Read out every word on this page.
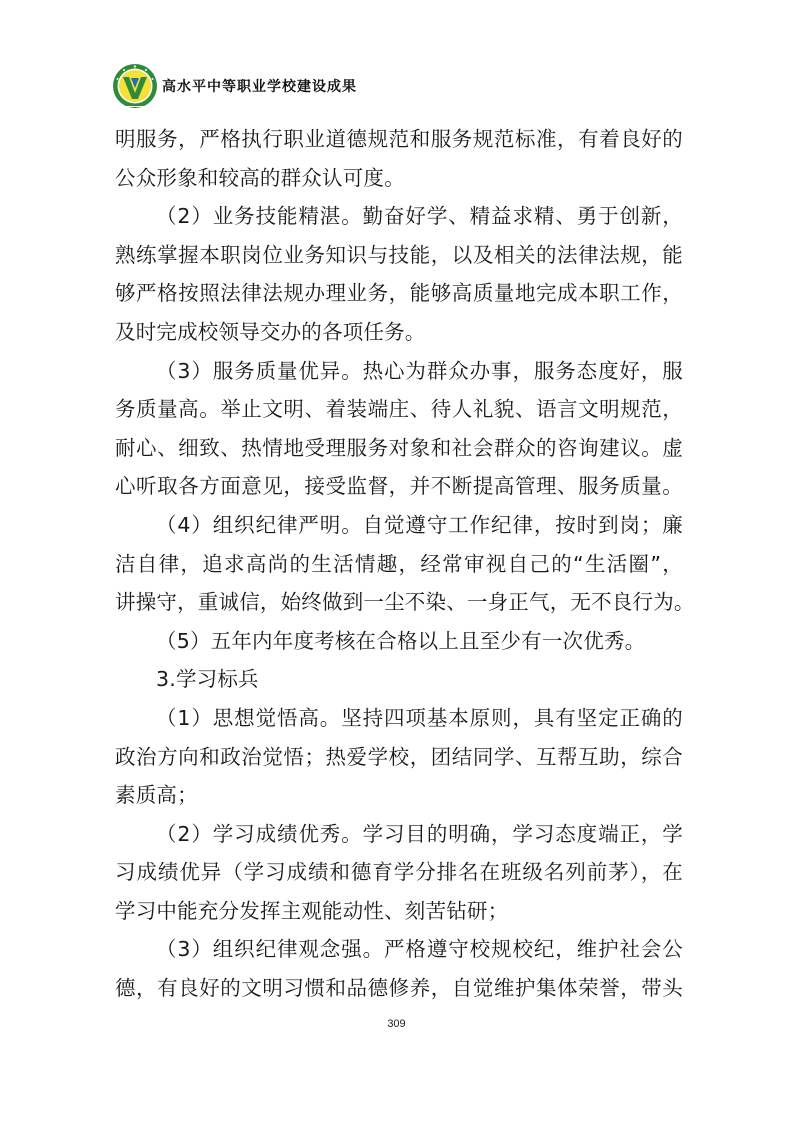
高水平中等职业学校建设成果
明服务，严格执行职业道德规范和服务规范标准，有着良好的
公众形象和较高的群众认可度。
（2）业务技能精湛。勤奋好学、精益求精、勇于创新，
熟练掌握本职岗位业务知识与技能，以及相关的法律法规，能
够严格按照法律法规办理业务，能够高质量地完成本职工作，
及时完成校领导交办的各项任务。
（3）服务质量优异。热心为群众办事，服务态度好，服
务质量高。举止文明、着装端庄、待人礼貌、语言文明规范，
耐心、细致、热情地受理服务对象和社会群众的咨询建议。虚
心听取各方面意见，接受监督，并不断提高管理、服务质量。
（4）组织纪律严明。自觉遵守工作纪律，按时到岗；廉
洁自律，追求高尚的生活情趣，经常审视自己的“生活圈”，
讲操守，重诚信，始终做到一尘不染、一身正气，无不良行为。
（5）五年内年度考核在合格以上且至少有一次优秀。
3.学习标兵
（1）思想觉悟高。坚持四项基本原则，具有坚定正确的
政治方向和政治觉悟；热爱学校，团结同学、互帮互助，综合
素质高；
（2）学习成绩优秀。学习目的明确，学习态度端正，学
习成绩优异（学习成绩和德育学分排名在班级名列前茅），在
学习中能充分发挥主观能动性、刻苦钻研；
（3）组织纪律观念强。严格遵守校规校纪，维护社会公
德，有良好的文明习惯和品德修养，自觉维护集体荣誉，带头
309
